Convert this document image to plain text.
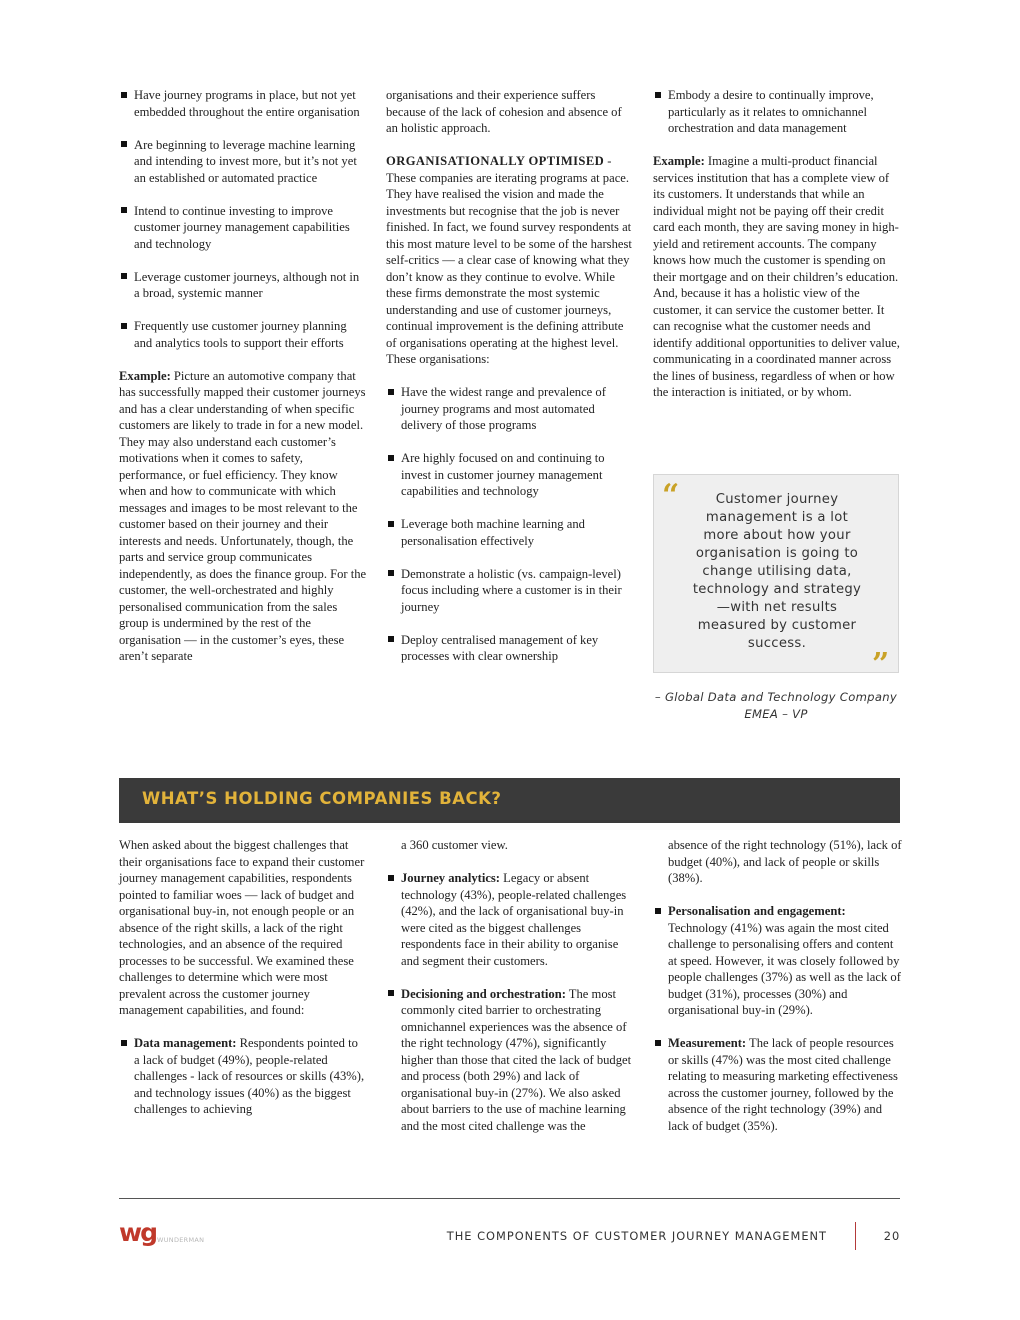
Have journey programs in place, but not yet embedded throughout the entire organisation
Are beginning to leverage machine learning and intending to invest more, but it’s not yet an established or automated practice
Intend to continue investing to improve customer journey management capabilities and technology
Leverage customer journeys, although not in a broad, systemic manner
Frequently use customer journey planning and analytics tools to support their efforts

Example: Picture an automotive company that has successfully mapped their customer journeys and has a clear understanding of when specific customers are likely to trade in for a new model. They may also understand each customer’s motivations when it comes to safety, performance, or fuel efficiency. They know when and how to communicate with which messages and images to be most relevant to the customer based on their journey and their interests and needs. Unfortunately, though, the parts and service group communicates independently, as does the finance group. For the customer, the well-orchestrated and highly personalised communication from the sales group is undermined by the rest of the organisation — in the customer’s eyes, these aren’t separate

organisations and their experience suffers because of the lack of cohesion and absence of an holistic approach.

ORGANISATIONALLY OPTIMISED - These companies are iterating programs at pace. They have realised the vision and made the investments but recognise that the job is never finished. In fact, we found survey respondents at this most mature level to be some of the harshest self-critics — a clear case of knowing what they don’t know as they continue to evolve. While these firms demonstrate the most systemic understanding and use of customer journeys, continual improvement is the defining attribute of organisations operating at the highest level. These organisations:

Have the widest range and prevalence of journey programs and most automated delivery of those programs
Are highly focused on and continuing to invest in customer journey management capabilities and technology
Leverage both machine learning and personalisation effectively
Demonstrate a holistic (vs. campaign-level) focus including where a customer is in their journey
Deploy centralised management of key processes with clear ownership
Embody a desire to continually improve, particularly as it relates to omnichannel orchestration and data management

Example: Imagine a multi-product financial services institution that has a complete view of its customers. It understands that while an individual might not be paying off their credit card each month, they are saving money in high-yield and retirement accounts. The company knows how much the customer is spending on their mortgage and on their children’s education. And, because it has a holistic view of the customer, it can service the customer better. It can recognise what the customer needs and identify additional opportunities to deliver value, communicating in a coordinated manner across the lines of business, regardless of when or how the interaction is initiated, or by whom.

“	Customer journey management is a lot more about how your organisation is going to change utilising data, technology and strategy—with net results measured by customer success.

”

– Global Data and Technology Company EMEA – VP

WHAT’S HOLDING COMPANIES BACK?

When asked about the biggest challenges that their organisations face to expand their customer journey management capabilities, respondents pointed to familiar woes — lack of budget and organisational buy-in, not enough people or an absence of the right skills, a lack of the right technologies, and an absence of the required processes to be successful. We examined these challenges to determine which were most prevalent across the customer journey management capabilities, and found:

Data management: Respondents pointed to a lack of budget (49%), people-related challenges - lack of resources or skills (43%), and technology issues (40%) as the biggest challenges to achieving

a 360 customer view.

Journey analytics: Legacy or absent technology (43%), people-related challenges (42%), and the lack of organisational buy-in were cited as the biggest challenges respondents face in their ability to organise and segment their customers.
Decisioning and orchestration: The most commonly cited barrier to orchestrating omnichannel experiences was the absence of the right technology (47%), significantly higher than those that cited the lack of budget and process (both 29%) and lack of organisational buy-in (27%). We also asked about barriers to the use of machine learning and the most cited challenge was the

absence of the right technology (51%), lack of budget (40%), and lack of people or skills (38%).

Personalisation and engagement: Technology (41%) was again the most cited challenge to personalising offers and content at speed. However, it was closely followed by people challenges (37%) as well as the lack of budget (31%), processes (30%) and organisational buy-in (29%).
Measurement: The lack of people resources or skills (47%) was the most cited challenge relating to measuring marketing effectiveness across the customer journey, followed by the absence of the right technology (39%) and lack of budget (35%).
wg WUNDERMAN	THE COMPONENTS OF CUSTOMER JOURNEY MANAGEMENT	20
